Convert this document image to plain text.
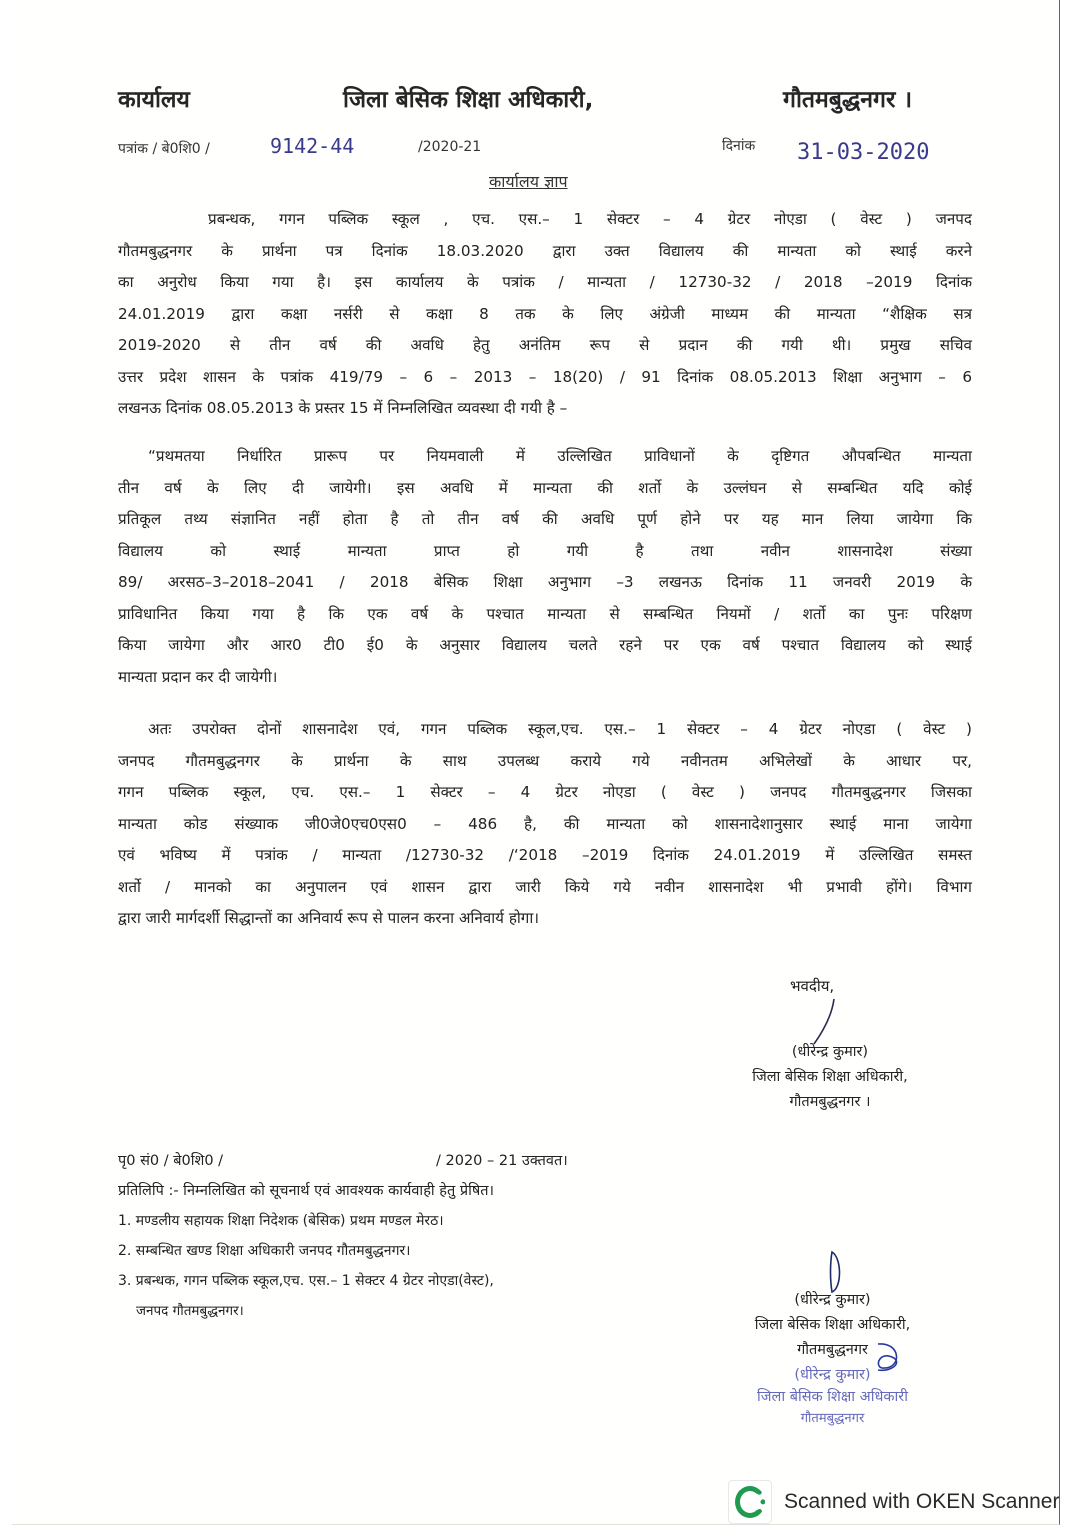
कार्यालय	जिला बेसिक शिक्षा अधिकारी,	गौतमबुद्धनगर ।
पत्रांक / बे0शि0 /	9142-44	/2020-21	दिनांक 31-03-2020
कार्यालय ज्ञाप
प्रबन्धक, गगन पब्लिक स्कूल , एच. एस.– 1 सेक्टर – 4 ग्रेटर नोएडा ( वेस्ट ) जनपद
गौतमबुद्धनगर के प्रार्थना पत्र दिनांक 18.03.2020 द्वारा उक्त विद्यालय की मान्यता को स्थाई करने
का अनुरोध किया गया है। इस कार्यालय के पत्रांक / मान्यता / 12730-32 / 2018 –2019 दिनांक
24.01.2019 द्वारा कक्षा नर्सरी से कक्षा 8 तक के लिए अंग्रेजी माध्यम की मान्यता “शैक्षिक सत्र
2019-2020 से तीन वर्ष की अवधि हेतु अनंतिम रूप से प्रदान की गयी थी। प्रमुख सचिव
उत्तर प्रदेश शासन के पत्रांक 419/79 – 6 – 2013 – 18(20) / 91 दिनांक 08.05.2013 शिक्षा अनुभाग – 6
लखनऊ दिनांक 08.05.2013 के प्रस्तर 15 में निम्नलिखित व्यवस्था दी गयी है –
“प्रथमतया निर्धारित प्रारूप पर नियमवाली में उल्लिखित प्राविधानों के दृष्टिगत औपबन्धित मान्यता
तीन वर्ष के लिए दी जायेगी। इस अवधि में मान्यता की शर्तो के उल्लंघन से सम्बन्धित यदि कोई
प्रतिकूल तथ्य संज्ञानित नहीं होता है तो तीन वर्ष की अवधि पूर्ण होने पर यह मान लिया जायेगा कि
विद्यालय को स्थाई मान्यता प्राप्त हो गयी है तथा नवीन शासनादेश संख्या
89/ अरसठ–3–2018–2041 / 2018 बेसिक शिक्षा अनुभाग –3 लखनऊ दिनांक 11 जनवरी 2019 के
प्राविधानित किया गया है कि एक वर्ष के पश्चात मान्यता से सम्बन्धित नियमों / शर्तो का पुनः परिक्षण
किया जायेगा और आर0 टी0 ई0 के अनुसार विद्यालय चलते रहने पर एक वर्ष पश्चात विद्यालय को स्थाई
मान्यता प्रदान कर दी जायेगी।
अतः उपरोक्त दोनों शासनादेश एवं, गगन पब्लिक स्कूल,एच. एस.– 1 सेक्टर – 4 ग्रेटर नोएडा ( वेस्ट )
जनपद गौतमबुद्धनगर के प्रार्थना के साथ उपलब्ध कराये गये नवीनतम अभिलेखों के आधार पर,
गगन पब्लिक स्कूल, एच. एस.– 1 सेक्टर – 4 ग्रेटर नोएडा ( वेस्ट ) जनपद गौतमबुद्धनगर जिसका
मान्यता कोड संख्याक जी0जे0एच0एस0 – 486 है, की मान्यता को शासनादेशानुसार स्थाई माना जायेगा
एवं भविष्य में पत्रांक / मान्यता /12730-32 /‘2018 –2019 दिनांक 24.01.2019 में उल्लिखित समस्त
शर्तो / मानको का अनुपालन एवं शासन द्वारा जारी किये गये नवीन शासनादेश भी प्रभावी होंगे। विभाग
द्वारा जारी मार्गदर्शी सिद्धान्तों का अनिवार्य रूप से पालन करना अनिवार्य होगा।
भवदीय,
(धीरेन्द्र कुमार)
जिला बेसिक शिक्षा अधिकारी,
गौतमबुद्धनगर ।
पृ0 सं0 / बे0शि0 /	/ 2020 – 21 उक्तवत।
प्रतिलिपि :- निम्नलिखित को सूचनार्थ एवं आवश्यक कार्यवाही हेतु प्रेषित।
1. मण्डलीय सहायक शिक्षा निदेशक (बेसिक) प्रथम मण्डल मेरठ।
2. सम्बन्धित खण्ड शिक्षा अधिकारी जनपद गौतमबुद्धनगर।
3. प्रबन्धक, गगन पब्लिक स्कूल,एच. एस.– 1 सेक्टर 4 ग्रेटर नोएडा(वेस्ट),
जनपद गौतमबुद्धनगर।
(धीरेन्द्र कुमार)
जिला बेसिक शिक्षा अधिकारी,
गौतमबुद्धनगर
(धीरेन्द्र कुमार)
जिला बेसिक शिक्षा अधिकारी
गौतमबुद्धनगर
Scanned with OKEN Scanner
